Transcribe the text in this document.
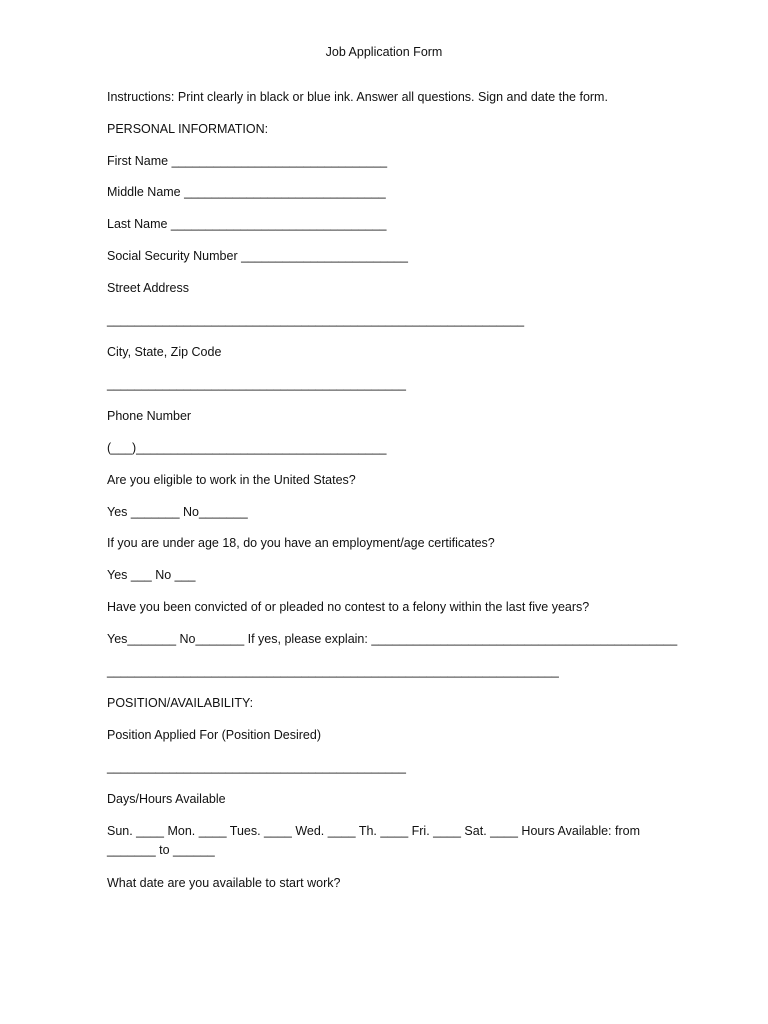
Job Application Form
Instructions: Print clearly in black or blue ink. Answer all questions. Sign and date the form.
PERSONAL INFORMATION:
First Name _______________________________
Middle Name _____________________________
Last Name _______________________________
Social Security Number ________________________
Street Address
____________________________________________________________
City, State, Zip Code
___________________________________________
Phone Number
(___)____________________________________
Are you eligible to work in the United States?
Yes _______ No_______
If you are under age 18, do you have an employment/age certificates?
Yes ___ No ___
Have you been convicted of or pleaded no contest to a felony within the last five years?
Yes_______ No_______ If yes, please explain: ____________________________________________
_________________________________________________________________
POSITION/AVAILABILITY:
Position Applied For (Position Desired)
___________________________________________
Days/Hours Available
Sun. ____ Mon. ____ Tues. ____ Wed. ____ Th. ____ Fri. ____ Sat. ____ Hours Available: from
_______ to ______
What date are you available to start work?
